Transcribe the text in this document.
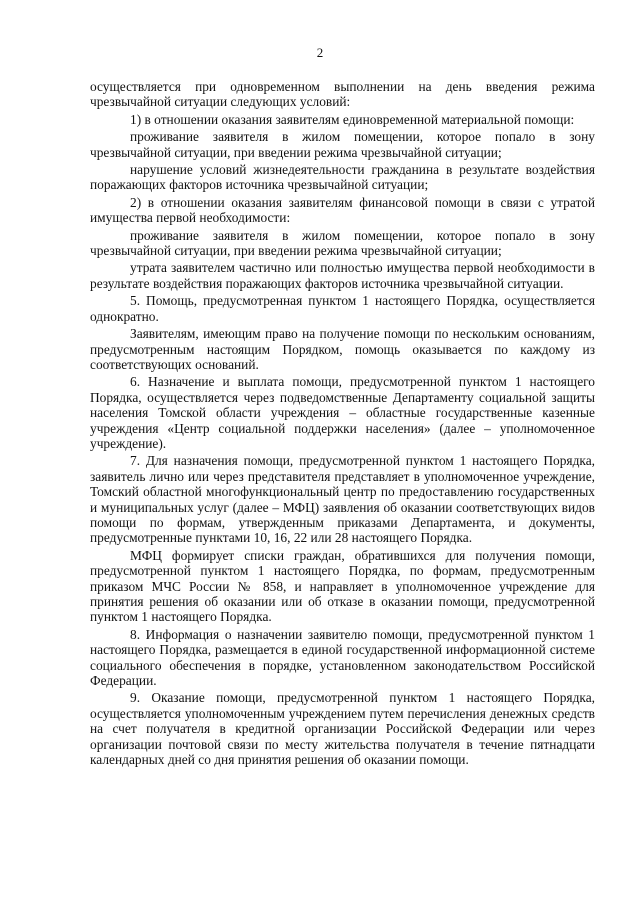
2

осуществляется при одновременном выполнении на день введения режима чрезвычайной ситуации следующих условий:

1) в отношении оказания заявителям единовременной материальной помощи:

проживание заявителя в жилом помещении, которое попало в зону чрезвычайной ситуации, при введении режима чрезвычайной ситуации;

нарушение условий жизнедеятельности гражданина в результате воздействия поражающих факторов источника чрезвычайной ситуации;

2) в отношении оказания заявителям финансовой помощи в связи с утратой имущества первой необходимости:

проживание заявителя в жилом помещении, которое попало в зону чрезвычайной ситуации, при введении режима чрезвычайной ситуации;

утрата заявителем частично или полностью имущества первой необходимости в результате воздействия поражающих факторов источника чрезвычайной ситуации.

5. Помощь, предусмотренная пунктом 1 настоящего Порядка, осуществляется однократно.

Заявителям, имеющим право на получение помощи по нескольким основаниям, предусмотренным настоящим Порядком, помощь оказывается по каждому из соответствующих оснований.

6. Назначение и выплата помощи, предусмотренной пунктом 1 настоящего Порядка, осуществляется через подведомственные Департаменту социальной защиты населения Томской области учреждения – областные государственные казенные учреждения «Центр социальной поддержки населения» (далее – уполномоченное учреждение).

7. Для назначения помощи, предусмотренной пунктом 1 настоящего Порядка, заявитель лично или через представителя представляет в уполномоченное учреждение, Томский областной многофункциональный центр по предоставлению государственных и муниципальных услуг (далее – МФЦ) заявления об оказании соответствующих видов помощи по формам, утвержденным приказами Департамента, и документы, предусмотренные пунктами 10, 16, 22 или 28 настоящего Порядка.

МФЦ формирует списки граждан, обратившихся для получения помощи, предусмотренной пунктом 1 настоящего Порядка, по формам, предусмотренным приказом МЧС России № 858, и направляет в уполномоченное учреждение для принятия решения об оказании или об отказе в оказании помощи, предусмотренной пунктом 1 настоящего Порядка.

8. Информация о назначении заявителю помощи, предусмотренной пунктом 1 настоящего Порядка, размещается в единой государственной информационной системе социального обеспечения в порядке, установленном законодательством Российской Федерации.

9. Оказание помощи, предусмотренной пунктом 1 настоящего Порядка, осуществляется уполномоченным учреждением путем перечисления денежных средств на счет получателя в кредитной организации Российской Федерации или через организации почтовой связи по месту жительства получателя в течение пятнадцати календарных дней со дня принятия решения об оказании помощи.
